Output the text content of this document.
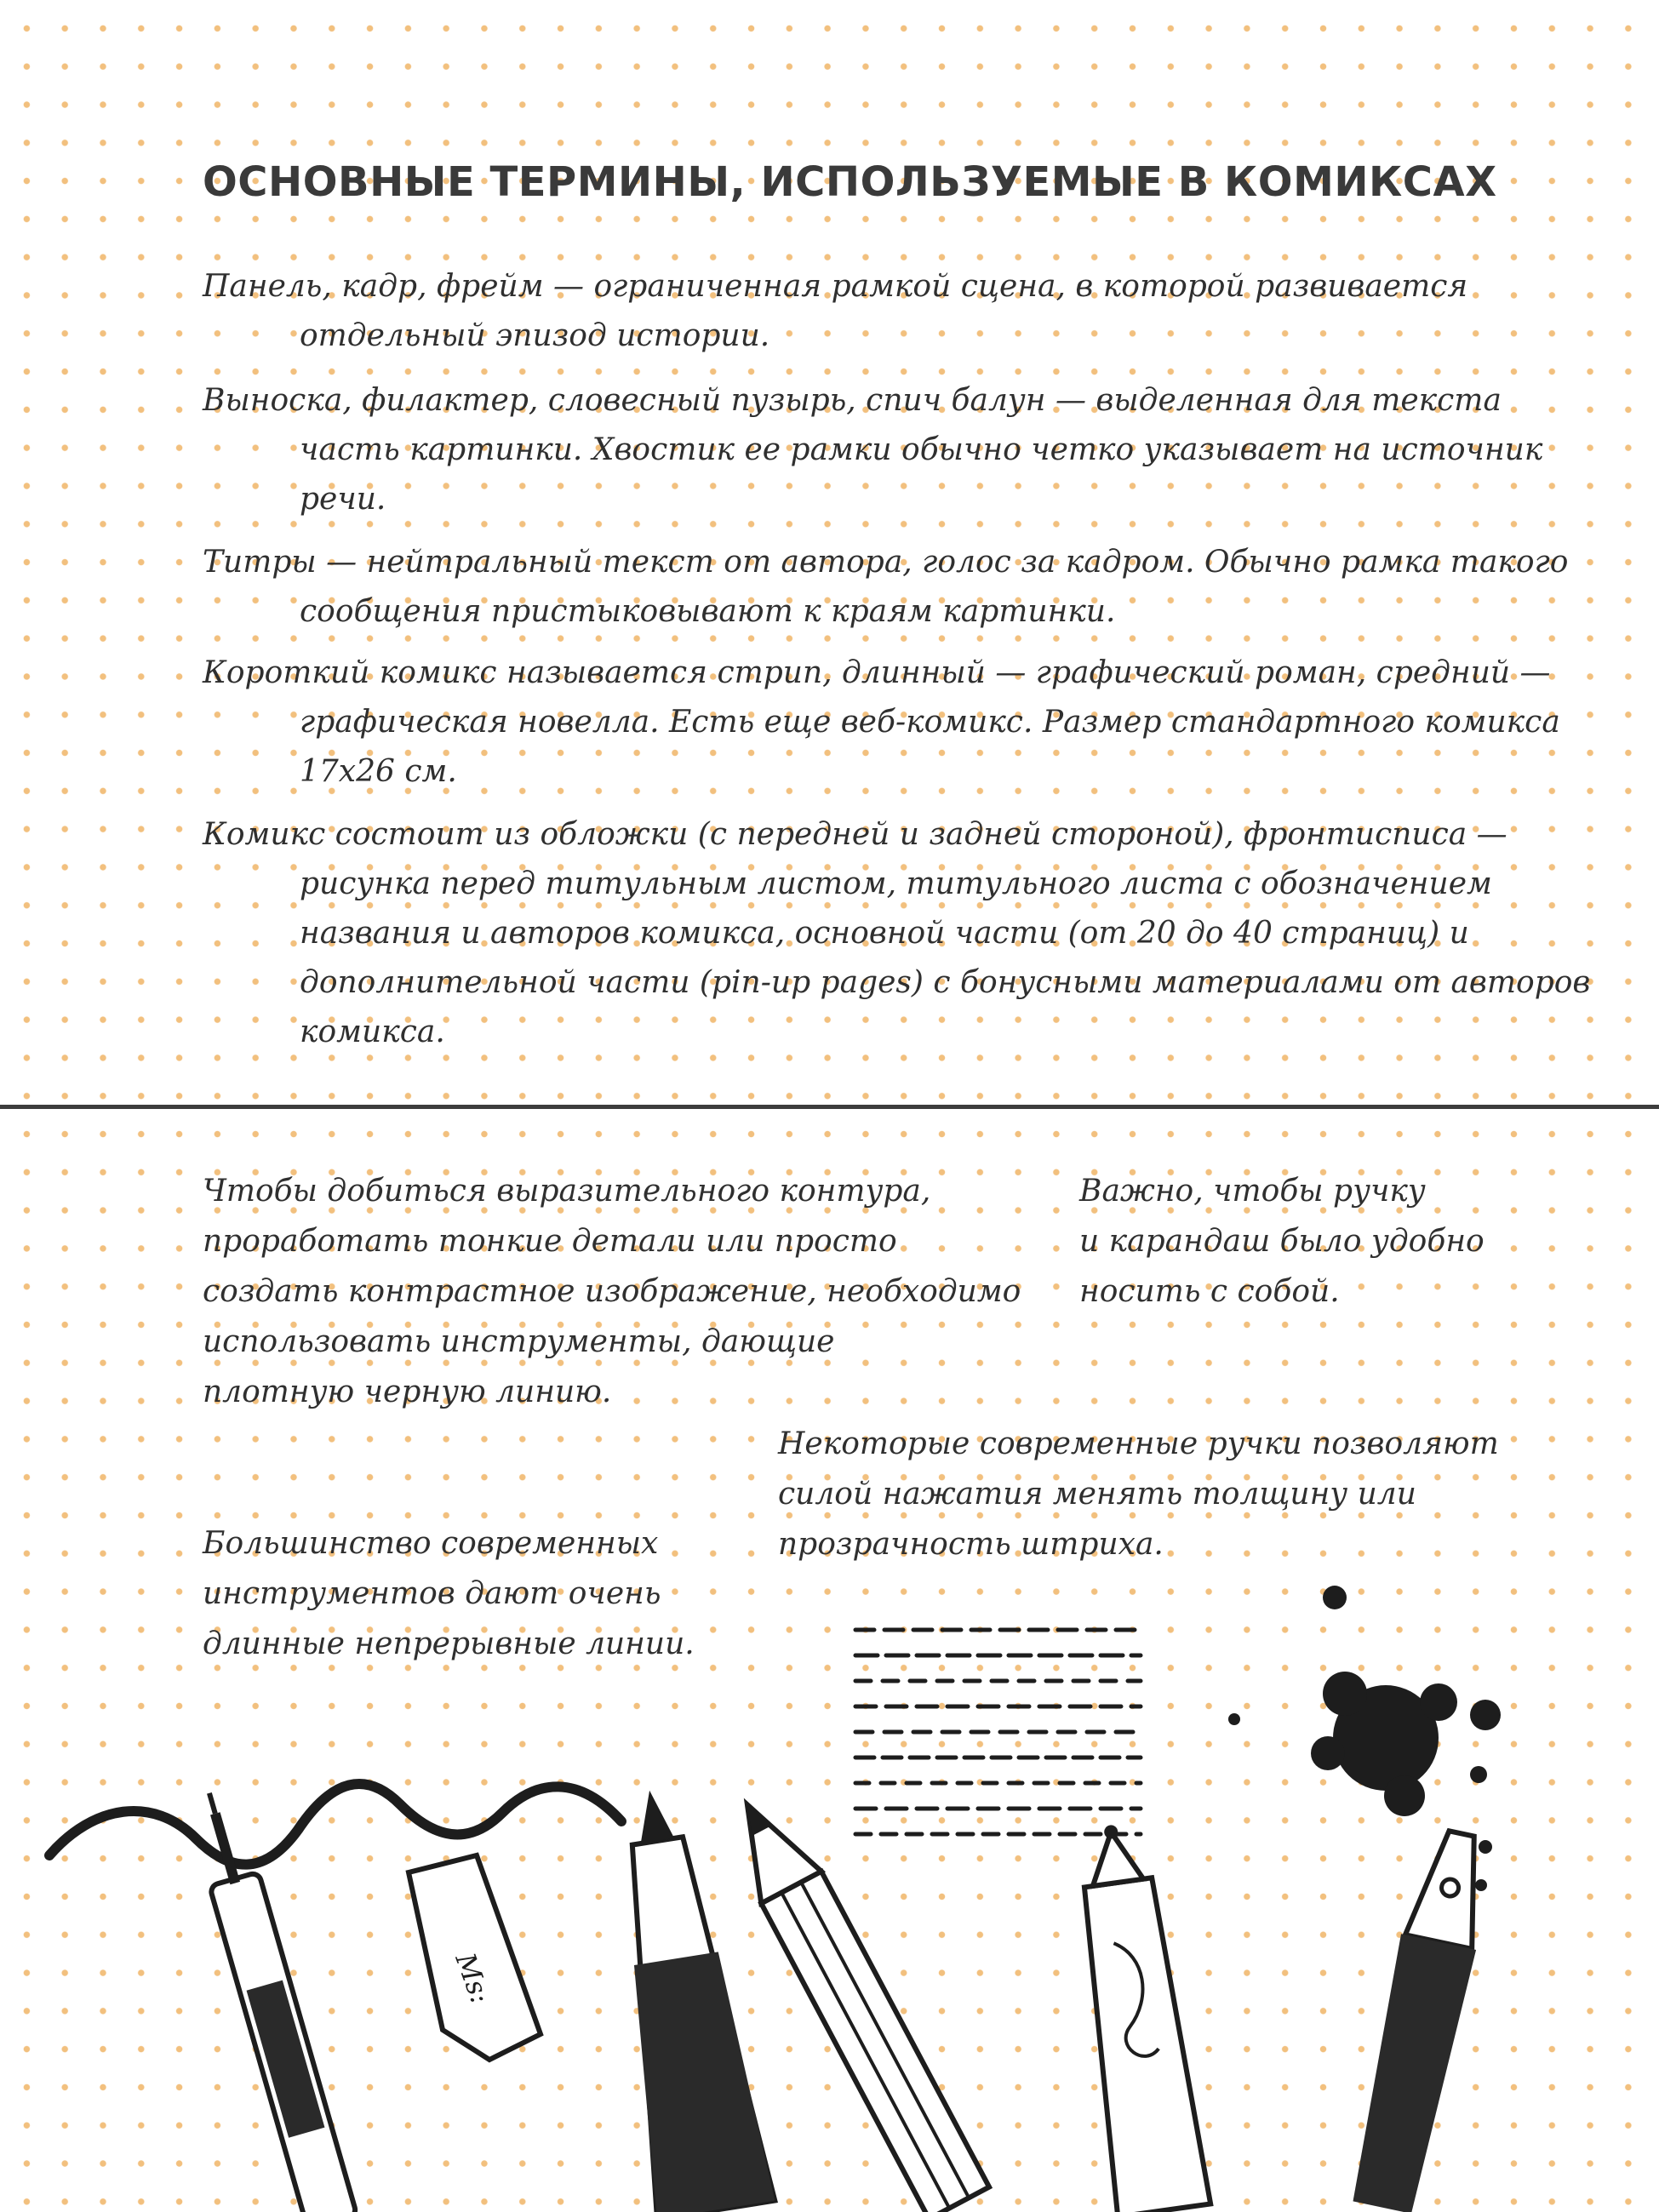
ОСНОВНЫЕ ТЕРМИНЫ, ИСПОЛЬЗУЕМЫЕ В КОМИКСАХ

Панель, кадр, фрейм — ограниченная рамкой сцена, в которой развивается отдельный эпизод истории.

Выноска, филактер, словесный пузырь, спич балун — выделенная для текста часть картинки. Хвостик ее рамки обычно четко указывает на источник речи.

Титры — нейтральный текст от автора, голос за кадром. Обычно рамка такого сообщения пристыковывают к краям картинки.

Короткий комикс называется стрип, длинный — графический роман, средний — графическая новелла. Есть еще веб-комикс. Размер стандартного комикса 17х26 см.

Комикс состоит из обложки (с передней и задней стороной), фронтисписа — рисунка перед титульным листом, титульного листа с обозначением названия и авторов комикса, основной части (от 20 до 40 страниц) и дополнительной части (pin-up pages) с бонусными материалами от авторов комикса.

Чтобы добиться выразительного контура,
проработать тонкие детали или просто
создать контрастное изображение, необходимо
использовать инструменты, дающие
плотную черную линию.

Важно, чтобы ручку
и карандаш было удобно
носить с собой.

Некоторые современные ручки позволяют
силой нажатия менять толщину или
прозрачность штриха.

Большинство современных
инструментов дают очень
длинные непрерывные линии.

Ms:
